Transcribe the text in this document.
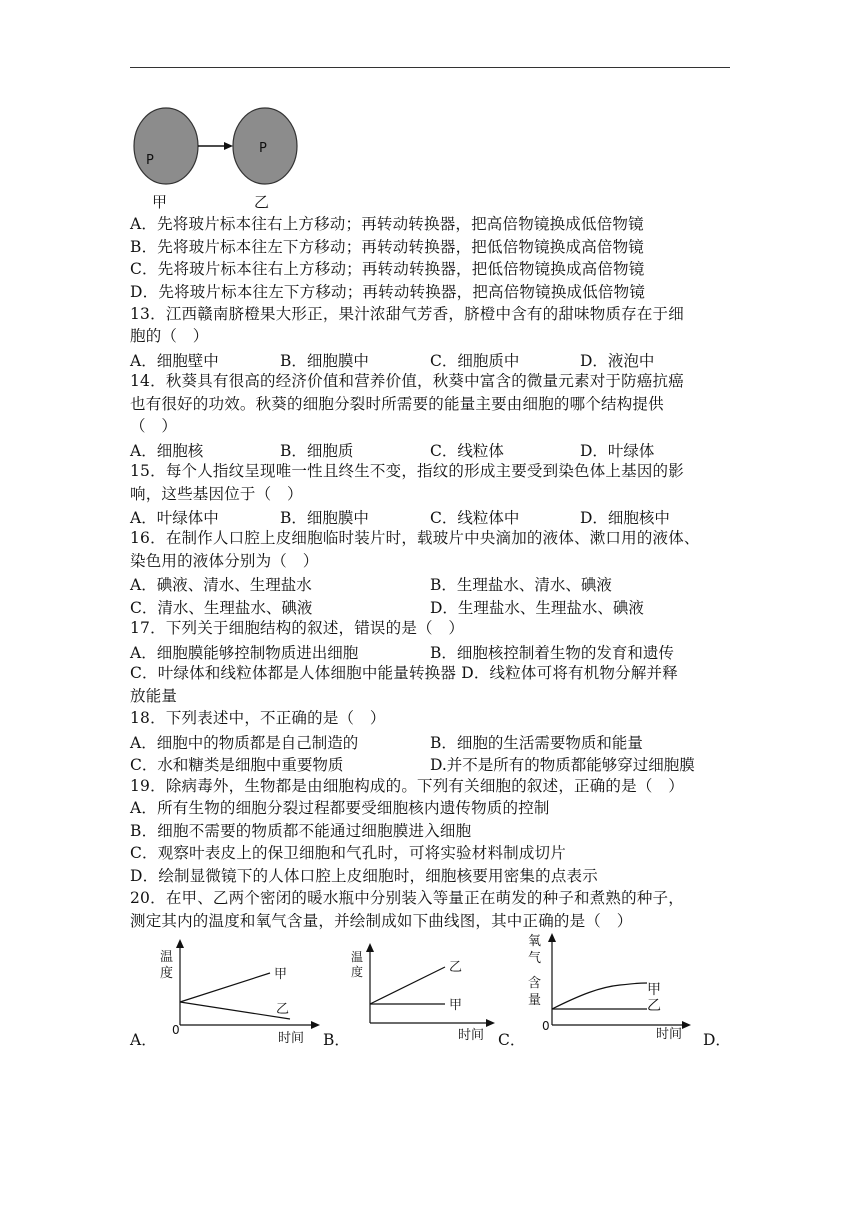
P
P
甲	乙
A．先将玻片标本往右上方移动；再转动转换器，把高倍物镜换成低倍物镜
B．先将玻片标本往左下方移动；再转动转换器，把低倍物镜换成高倍物镜
C．先将玻片标本往右上方移动；再转动转换器，把低倍物镜换成高倍物镜
D．先将玻片标本往左下方移动；再转动转换器，把高倍物镜换成低倍物镜
13．江西赣南脐橙果大形正，果汁浓甜气芳香，脐橙中含有的甜味物质存在于细
胞的（　）
A．细胞壁中	B．细胞膜中	C．细胞质中	D．液泡中
14．秋葵具有很高的经济价值和营养价值，秋葵中富含的微量元素对于防癌抗癌
也有很好的功效。秋葵的细胞分裂时所需要的能量主要由细胞的哪个结构提供
（　）
A．细胞核	B．细胞质	C．线粒体	D．叶绿体
15．每个人指纹呈现唯一性且终生不变，指纹的形成主要受到染色体上基因的影
响，这些基因位于（　）
A．叶绿体中	B．细胞膜中	C．线粒体中	D．细胞核中
16．在制作人口腔上皮细胞临时装片时，载玻片中央滴加的液体、漱口用的液体、
染色用的液体分别为（　）
A．碘液、清水、生理盐水	B．生理盐水、清水、碘液
C．清水、生理盐水、碘液	D．生理盐水、生理盐水、碘液
17．下列关于细胞结构的叙述，错误的是（　）
A．细胞膜能够控制物质进出细胞	B．细胞核控制着生物的发育和遗传
C．叶绿体和线粒体都是人体细胞中能量转换器 D．线粒体可将有机物分解并释
放能量
18．下列表述中，不正确的是（　）
A．细胞中的物质都是自己制造的	B．细胞的生活需要物质和能量
C．水和糖类是细胞中重要物质	D.并不是所有的物质都能够穿过细胞膜
19．除病毒外，生物都是由细胞构成的。下列有关细胞的叙述，正确的是（　）
A．所有生物的细胞分裂过程都要受细胞核内遗传物质的控制
B．细胞不需要的物质都不能通过细胞膜进入细胞
C．观察叶表皮上的保卫细胞和气孔时，可将实验材料制成切片
D．绘制显微镜下的人体口腔上皮细胞时，细胞核要用密集的点表示
20．在甲、乙两个密闭的暖水瓶中分别装入等量正在萌发的种子和煮熟的种子，
测定其内的温度和氧气含量，并绘制成如下曲线图，其中正确的是（　）
温
度	甲
乙
0
时间
A．
温
度	乙
甲
时间
B．
氧
气
含
量
甲
乙
0
时间
C．	D．
